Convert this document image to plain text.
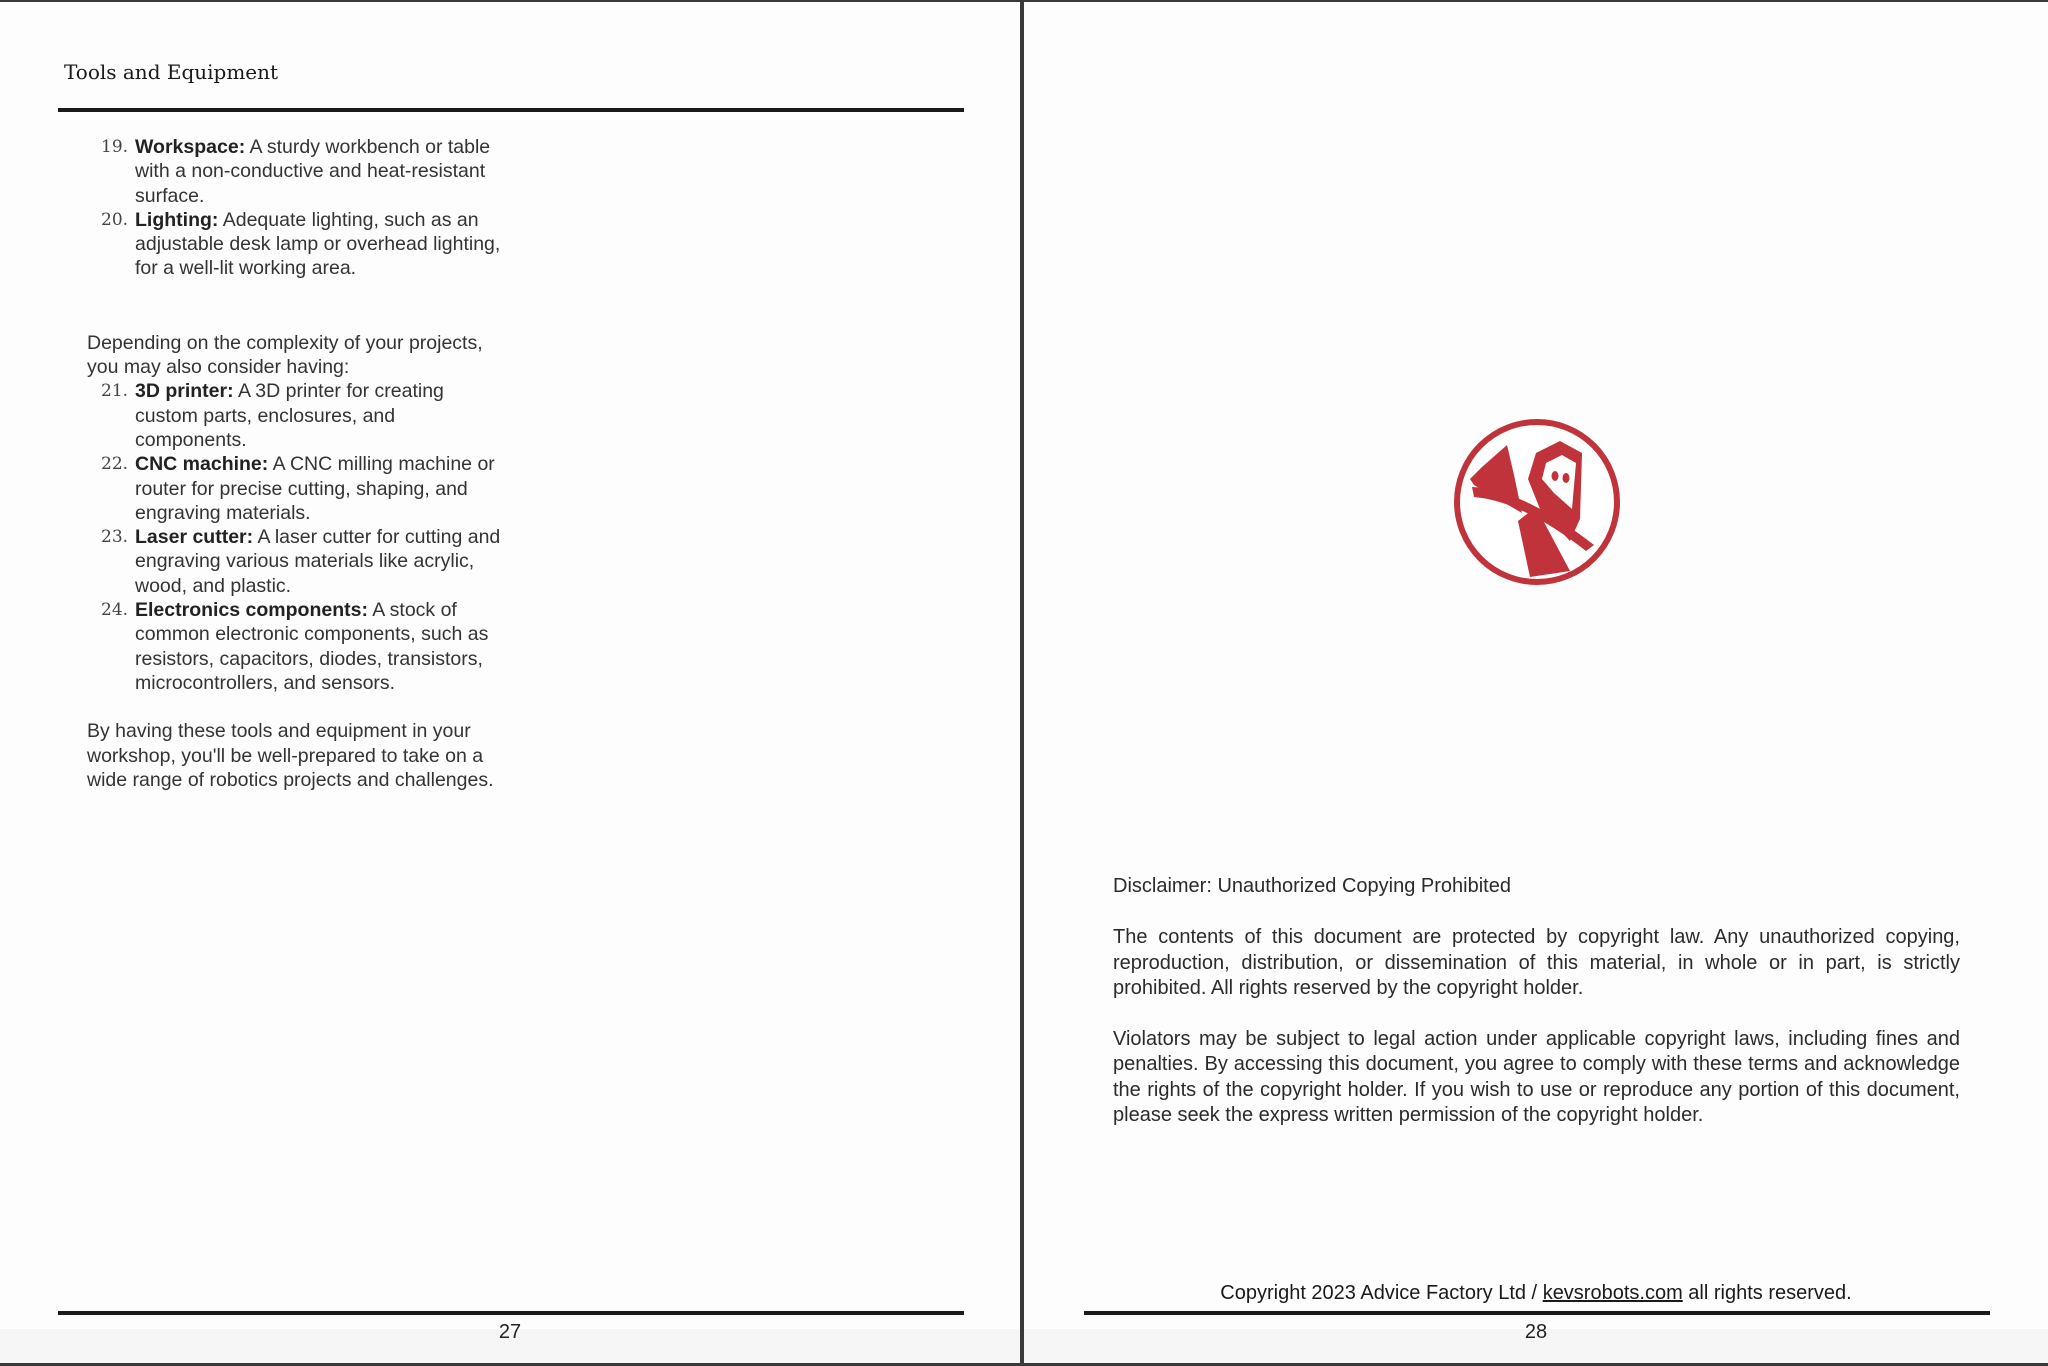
Tools and Equipment
19. Workspace: A sturdy workbench or table with a non-conductive and heat-resistant surface.
20. Lighting: Adequate lighting, such as an adjustable desk lamp or overhead lighting, for a well-lit working area.

Depending on the complexity of your projects, you may also consider having:

21. 3D printer: A 3D printer for creating custom parts, enclosures, and components.
22. CNC machine: A CNC milling machine or router for precise cutting, shaping, and engraving materials.
23. Laser cutter: A laser cutter for cutting and engraving various materials like acrylic, wood, and plastic.
24. Electronics components: A stock of common electronic components, such as resistors, capacitors, diodes, transistors, microcontrollers, and sensors.

By having these tools and equipment in your workshop, you'll be well-prepared to take on a wide range of robotics projects and challenges.

27

Disclaimer: Unauthorized Copying Prohibited

The contents of this document are protected by copyright law. Any unauthorized copying, reproduction, distribution, or dissemination of this material, in whole or in part, is strictly prohibited. All rights reserved by the copyright holder.

Violators may be subject to legal action under applicable copyright laws, including fines and penalties. By accessing this document, you agree to comply with these terms and acknowledge the rights of the copyright holder. If you wish to use or reproduce any portion of this document, please seek the express written permission of the copyright holder.

Copyright 2023 Advice Factory Ltd / kevsrobots.com all rights reserved.
28
